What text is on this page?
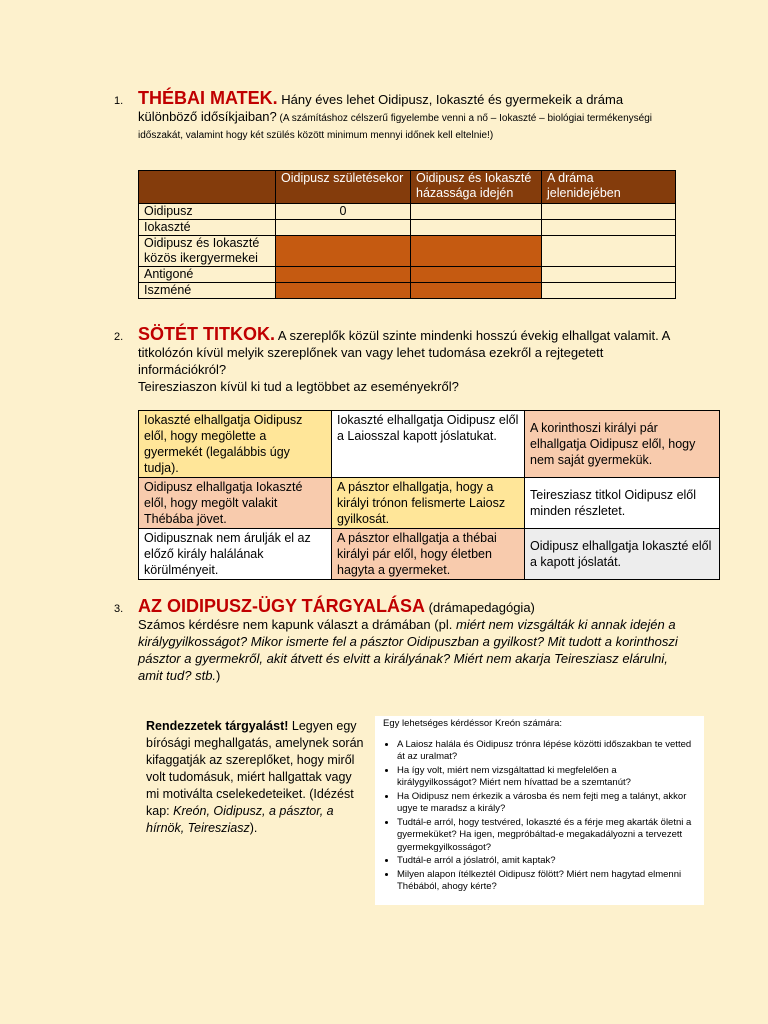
1. THÉBAI MATEK. Hány éves lehet Oidipusz, Iokaszté és gyermekeik a dráma különböző idősíkjaiban? (A számításhoz célszerű figyelembe venni a nő – Iokaszté – biológiai termékenységi időszakát, valamint hogy két szülés között minimum mennyi időnek kell eltelnie!)
	Oidipusz születésekor	Oidipusz és Iokaszté házassága idején	A dráma jelenidejében
Oidipusz	0		
Iokaszté			
Oidipusz és Iokaszté közös ikergyermekei			
Antigoné			
Iszméné			
2. SÖTÉT TITKOK. A szereplők közül szinte mindenki hosszú évekig elhallgat valamit. A titkolózón kívül melyik szereplőnek van vagy lehet tudomása ezekről a rejtegetett információkról?
Teiresziaszon kívül ki tud a legtöbbet az eseményekről?
Iokaszté elhallgatja Oidipusz elől, hogy megölette a gyermekét (legalábbis úgy tudja).	Iokaszté elhallgatja Oidipusz elől a Laiosszal kapott jóslatukat.	A korinthoszi királyi pár elhallgatja Oidipusz elől, hogy nem saját gyermekük.
Oidipusz elhallgatja Iokaszté elől, hogy megölt valakit Thébába jövet.	A pásztor elhallgatja, hogy a királyi trónon felismerte Laiosz gyilkosát.	Teiresziasz titkol Oidipusz elől minden részletet.
Oidipusznak nem árulják el az előző király halálának körülményeit.	A pásztor elhallgatja a thébai királyi pár elől, hogy életben hagyta a gyermeket.	Oidipusz elhallgatja Iokaszté elől a kapott jóslatát.
3. AZ OIDIPUSZ-ÜGY TÁRGYALÁSA (drámapedagógia)
Számos kérdésre nem kapunk választ a drámában (pl. miért nem vizsgálták ki annak idején a királygyilkosságot? Mikor ismerte fel a pásztor Oidipuszban a gyilkost? Mit tudott a korinthoszi pásztor a gyermekről, akit átvett és elvitt a királyának? Miért nem akarja Teiresziasz elárulni, amit tud? stb.)
Rendezzetek tárgyalást! Legyen egy bírósági meghallgatás, amelynek során kifaggatják az szereplőket, hogy miről volt tudomásuk, miért hallgattak vagy mi motiválta cselekedeteiket. (Idézést kap: Kreón, Oidipusz, a pásztor, a hírnök, Teiresziasz).
Egy lehetséges kérdéssor Kreón számára:
• A Laiosz halála és Oidipusz trónra lépése közötti időszakban te vetted át az uralmat?
• Ha így volt, miért nem vizsgáltattad ki megfelelően a királygyilkosságot? Miért nem hívattad be a szemtanút?
• Ha Oidipusz nem érkezik a városba és nem fejti meg a talányt, akkor ugye te maradsz a király?
• Tudtál-e arról, hogy testvéred, Iokaszté és a férje meg akarták öletni a gyermeküket? Ha igen, megpróbáltad-e megakadályozni a tervezett gyermekgyilkosságot?
• Tudtál-e arról a jóslatról, amit kaptak?
• Milyen alapon ítélkeztél Oidipusz fölött? Miért nem hagytad elmenni Thébából, ahogy kérte?
